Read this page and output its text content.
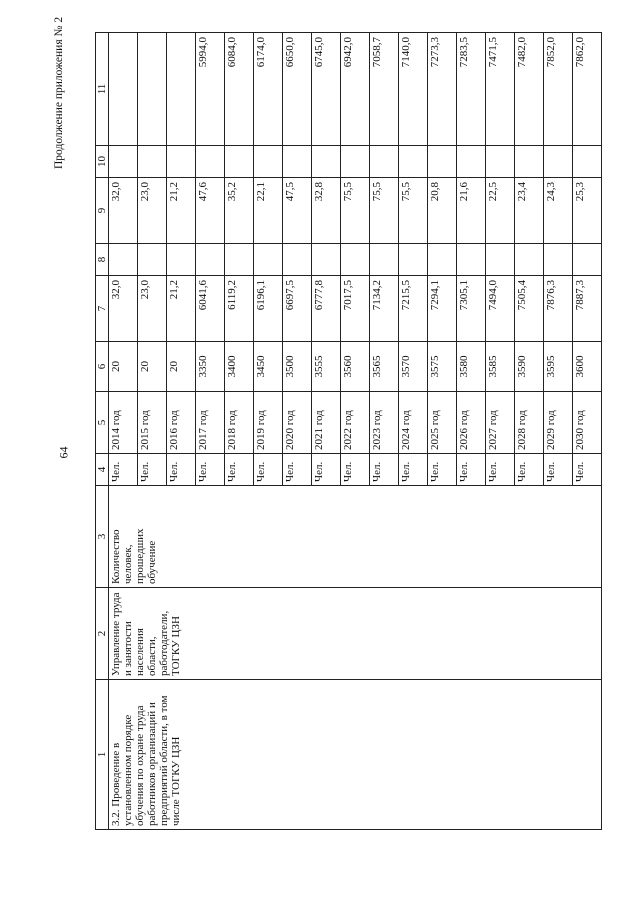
64
Продолжение приложения № 2
1	2	3	4	5	6	7	8	9	10	11
3.2. Проведение в установленном порядке обучения по охране труда работников организаций и предприятий области, в том числе ТОГКУ ЦЗН	Управление труда и занятости населения области, работодатели, ТОГКУ ЦЗН	Количество человек, прошедших обучение	Чел.	2014 год	20	32,0		32,0		
			Чел.	2015 год	20	23,0		23,0		
			Чел.	2016 год	20	21,2		21,2		
			Чел.	2017 год	3350	6041,6		47,6		5994,0
			Чел.	2018 год	3400	6119,2		35,2		6084,0
			Чел.	2019 год	3450	6196,1		22,1		6174,0
			Чел.	2020 год	3500	6697,5		47,5		6650,0
			Чел.	2021 год	3555	6777,8		32,8		6745,0
			Чел.	2022 год	3560	7017,5		75,5		6942,0
			Чел.	2023 год	3565	7134,2		75,5		7058,7
			Чел.	2024 год	3570	7215,5		75,5		7140,0
			Чел.	2025 год	3575	7294,1		20,8		7273,3
			Чел.	2026 год	3580	7305,1		21,6		7283,5
			Чел.	2027 год	3585	7494,0		22,5		7471,5
			Чел.	2028 год	3590	7505,4		23,4		7482,0
			Чел.	2029 год	3595	7876,3		24,3		7852,0
			Чел.	2030 год	3600	7887,3		25,3		7862,0
